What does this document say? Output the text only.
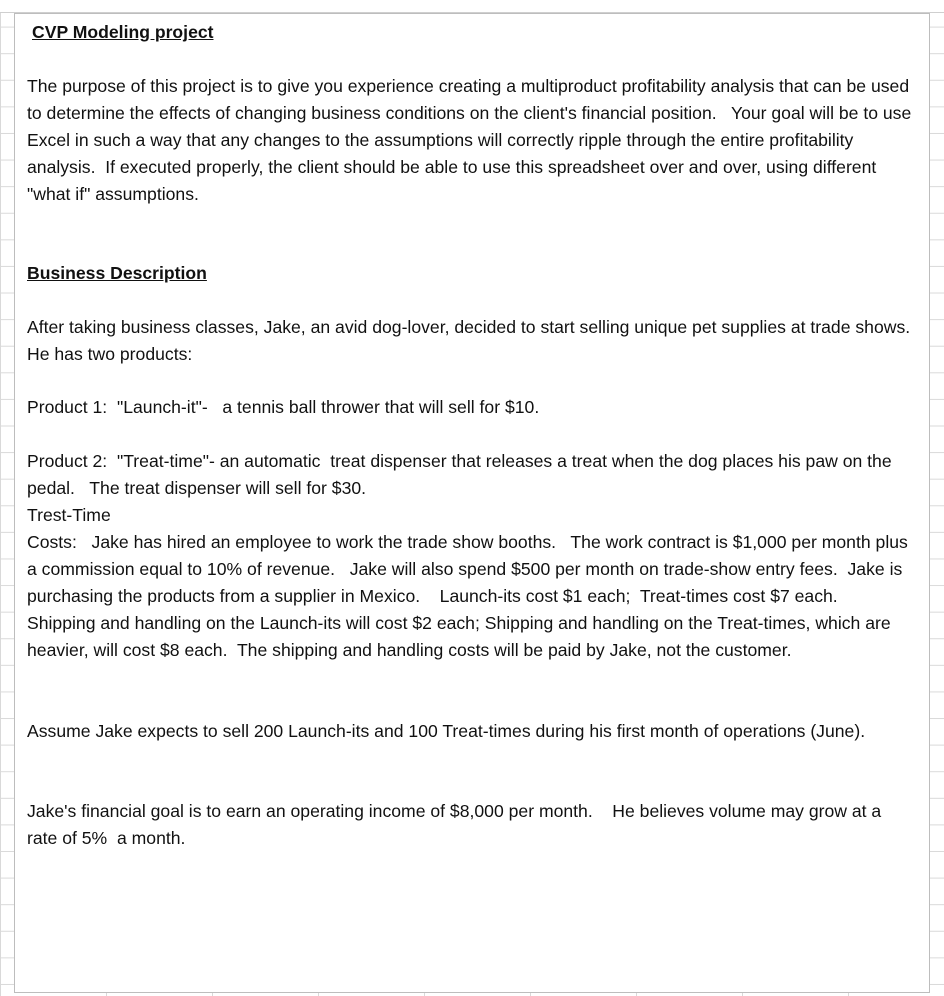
CVP Modeling project

The purpose of this project is to give you experience creating a multiproduct profitability analysis that can be used to determine the effects of changing business conditions on the client's financial position.   Your goal will be to use Excel in such a way that any changes to the assumptions will correctly ripple through the entire profitability analysis.  If executed properly, the client should be able to use this spreadsheet over and over, using different "what if" assumptions.

Business Description

After taking business classes, Jake, an avid dog-lover, decided to start selling unique pet supplies at trade shows.  He has two products:

Product 1:  "Launch-it"-   a tennis ball thrower that will sell for $10.

Product 2:  "Treat-time"- an automatic  treat dispenser that releases a treat when the dog places his paw on the pedal.   The treat dispenser will sell for $30.

Trest-Time

Costs:   Jake has hired an employee to work the trade show booths.   The work contract is $1,000 per month plus a commission equal to 10% of revenue.   Jake will also spend $500 per month on trade-show entry fees.  Jake is purchasing the products from a supplier in Mexico.    Launch-its cost $1 each;  Treat-times cost $7 each.    Shipping and handling on the Launch-its will cost $2 each; Shipping and handling on the Treat-times, which are heavier, will cost $8 each.  The shipping and handling costs will be paid by Jake, not the customer.

Assume Jake expects to sell 200 Launch-its and 100 Treat-times during his first month of operations (June).

Jake's financial goal is to earn an operating income of $8,000 per month.    He believes volume may grow at a rate of 5%  a month.
